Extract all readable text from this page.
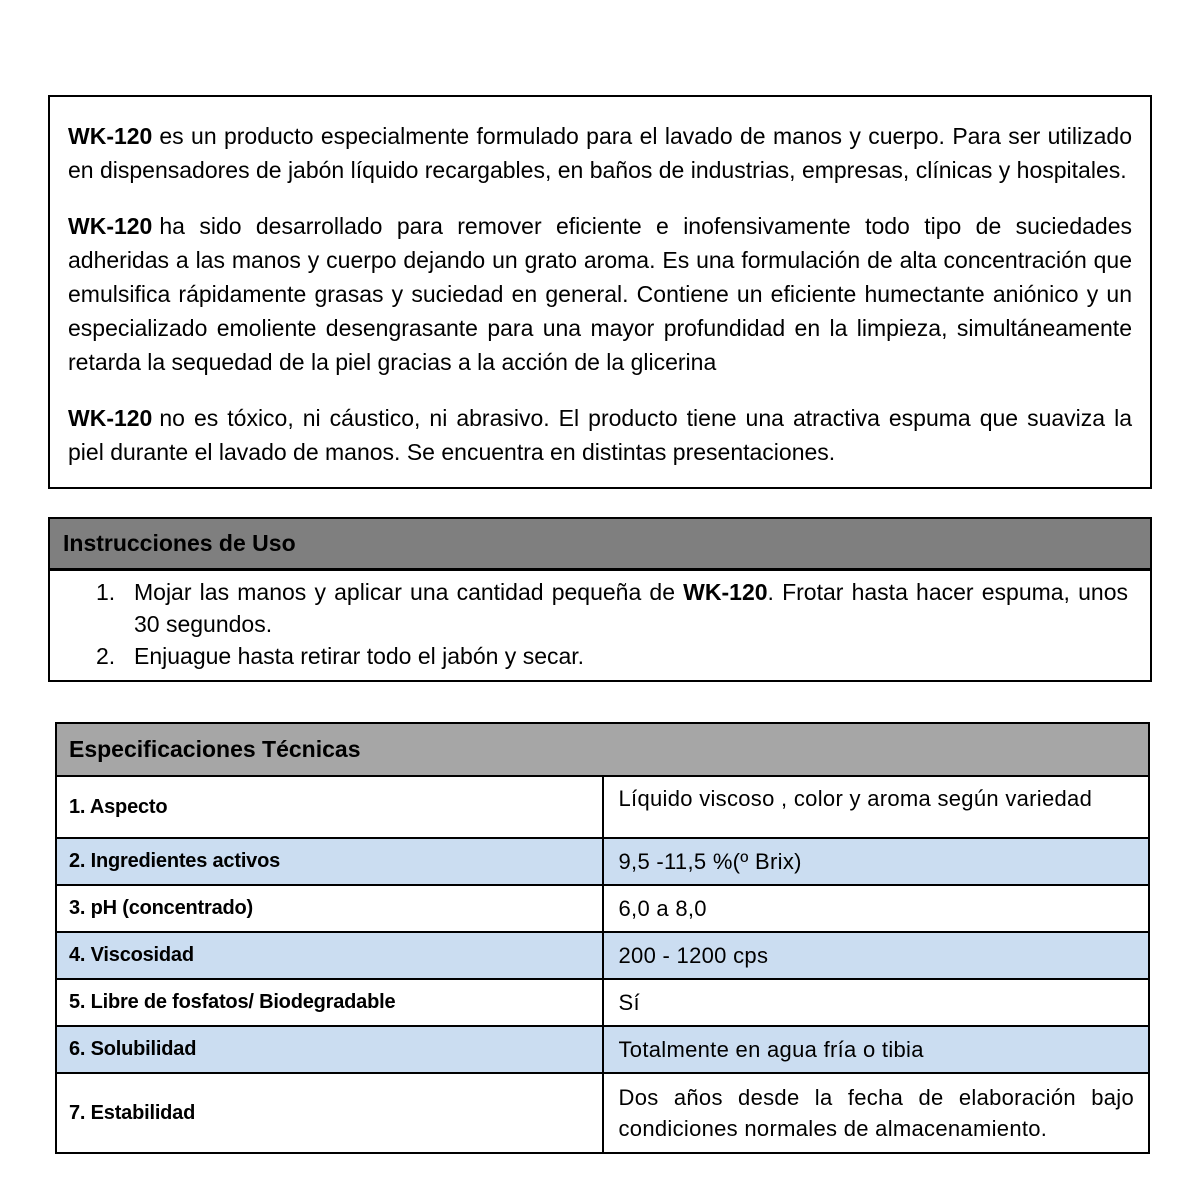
WK-120 es un producto especialmente formulado para el lavado de manos y cuerpo. Para ser utilizado en dispensadores de jabón líquido recargables, en baños de industrias, empresas, clínicas y hospitales.

WK-120 ha sido desarrollado para remover eficiente e inofensivamente todo tipo de suciedades adheridas a las manos y cuerpo dejando un grato aroma. Es una formulación de alta concentración que emulsifica rápidamente grasas y suciedad en general. Contiene un eficiente humectante aniónico y un especializado emoliente desengrasante para una mayor profundidad en la limpieza, simultáneamente retarda la sequedad de la piel gracias a la acción de la glicerina

WK-120 no es tóxico, ni cáustico, ni abrasivo. El producto tiene una atractiva espuma que suaviza la piel durante el lavado de manos. Se encuentra en distintas presentaciones.

Instrucciones de Uso
1. Mojar las manos y aplicar una cantidad pequeña de WK-120. Frotar hasta hacer espuma, unos 30 segundos.
2. Enjuague hasta retirar todo el jabón y secar.
Especificaciones Técnicas	
1. Aspecto	Líquido viscoso , color y aroma según variedad
2. Ingredientes activos	9,5 -11,5 %(º Brix)
3. pH (concentrado)	6,0 a 8,0
4. Viscosidad	200 - 1200 cps
5. Libre de fosfatos/ Biodegradable	Sí
6. Solubilidad	Totalmente en agua fría o tibia
7. Estabilidad	Dos años desde la fecha de elaboración bajo condiciones normales de almacenamiento.
